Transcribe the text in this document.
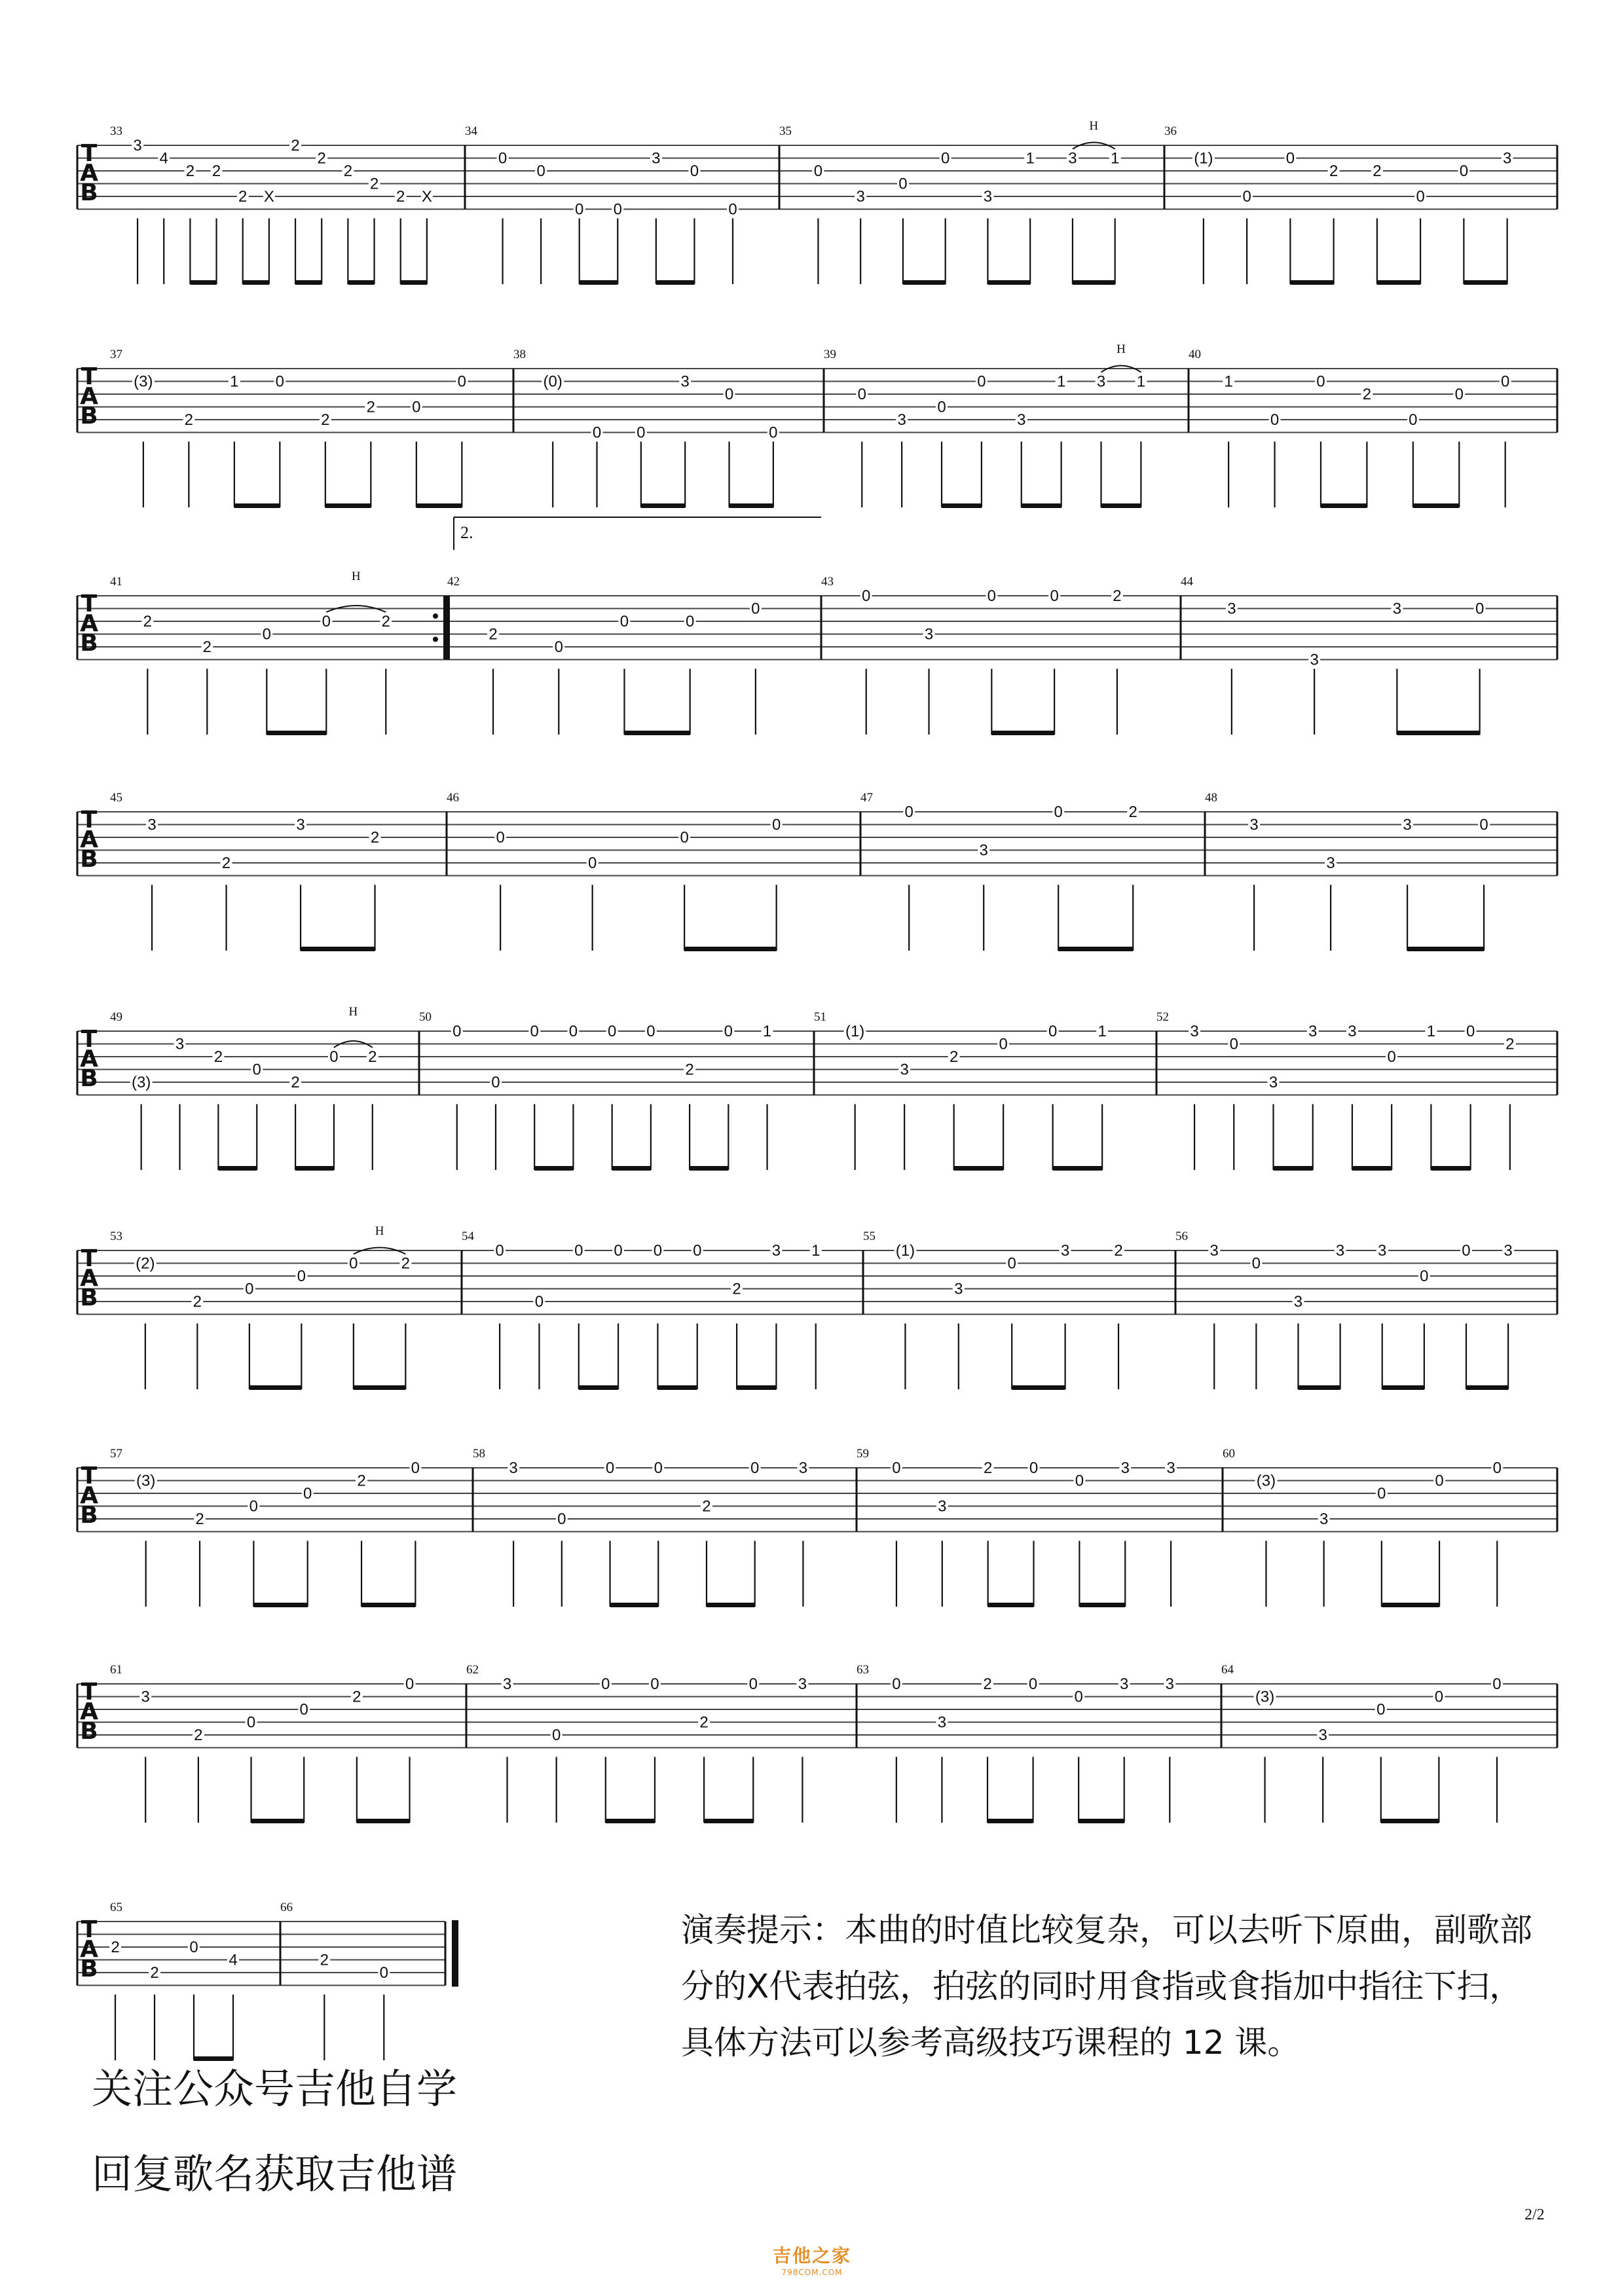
T
A
B
33
3
4
2 2
2 X
2
2
2
2
2 X
34
0
0
0 0
3
0
0
35
0
3
0
0
3
1 3
H
1
36
(1)
0
0
2 2
0
0
3
T
A
B
37
(3)
2
1 0
2
2 0
0
38
(0)
0 0
3
0
0
39
0
3
0
0
3
1 3
H
1
40
1
0
0
2
0
0
0
T
A
B
41
2
2
0
0
H
2
42
2.
2
0
0	0
0
43
0
3
0	0	2
44
3
3
3	0
T
A
B
45
3
2
3
2
46
0
0
0
0
47
0
3
0	2
48
3
3
3	0
T
A
B
49
(3)
3
2
0
2
0
H
2
50
0
0
0 0 0 0
2
0 1
51
(1)
3
2
0
0	1
52
3
0
3
3 3
0
1 0
2
T
A
B
53
(2)
2
0
0
0
H
2
54
0
0
0 0 0 0
2
3 1
55
(1)
3
0
3	2
56
3
0
3
3 3
0
0 3
T
A
B
57
(3)
2
0
0
2
0
58
3
0
0	0
2
0	3
59
0
3
2 0
0
3 3
60
(3)
3
0
0
0
T
A
B
61
3
2
0
0
2
0
62
3
0
0	0
2
0	3
63
0
3
2 0
0
3 3
64
(3)
3
0
0
0
T
A
B
65
2
2
0
4
66
2
0
关注公众号吉他自学
回复歌名获取吉他谱
演奏提示：本曲的时值比较复杂，可以去听下原曲，副歌部分的X代表拍弦，拍弦的同时用食指或食指加中指往下扫，具体方法可以参考高级技巧课程的 12 课。
2/2
吉他之家
798COM.COM
